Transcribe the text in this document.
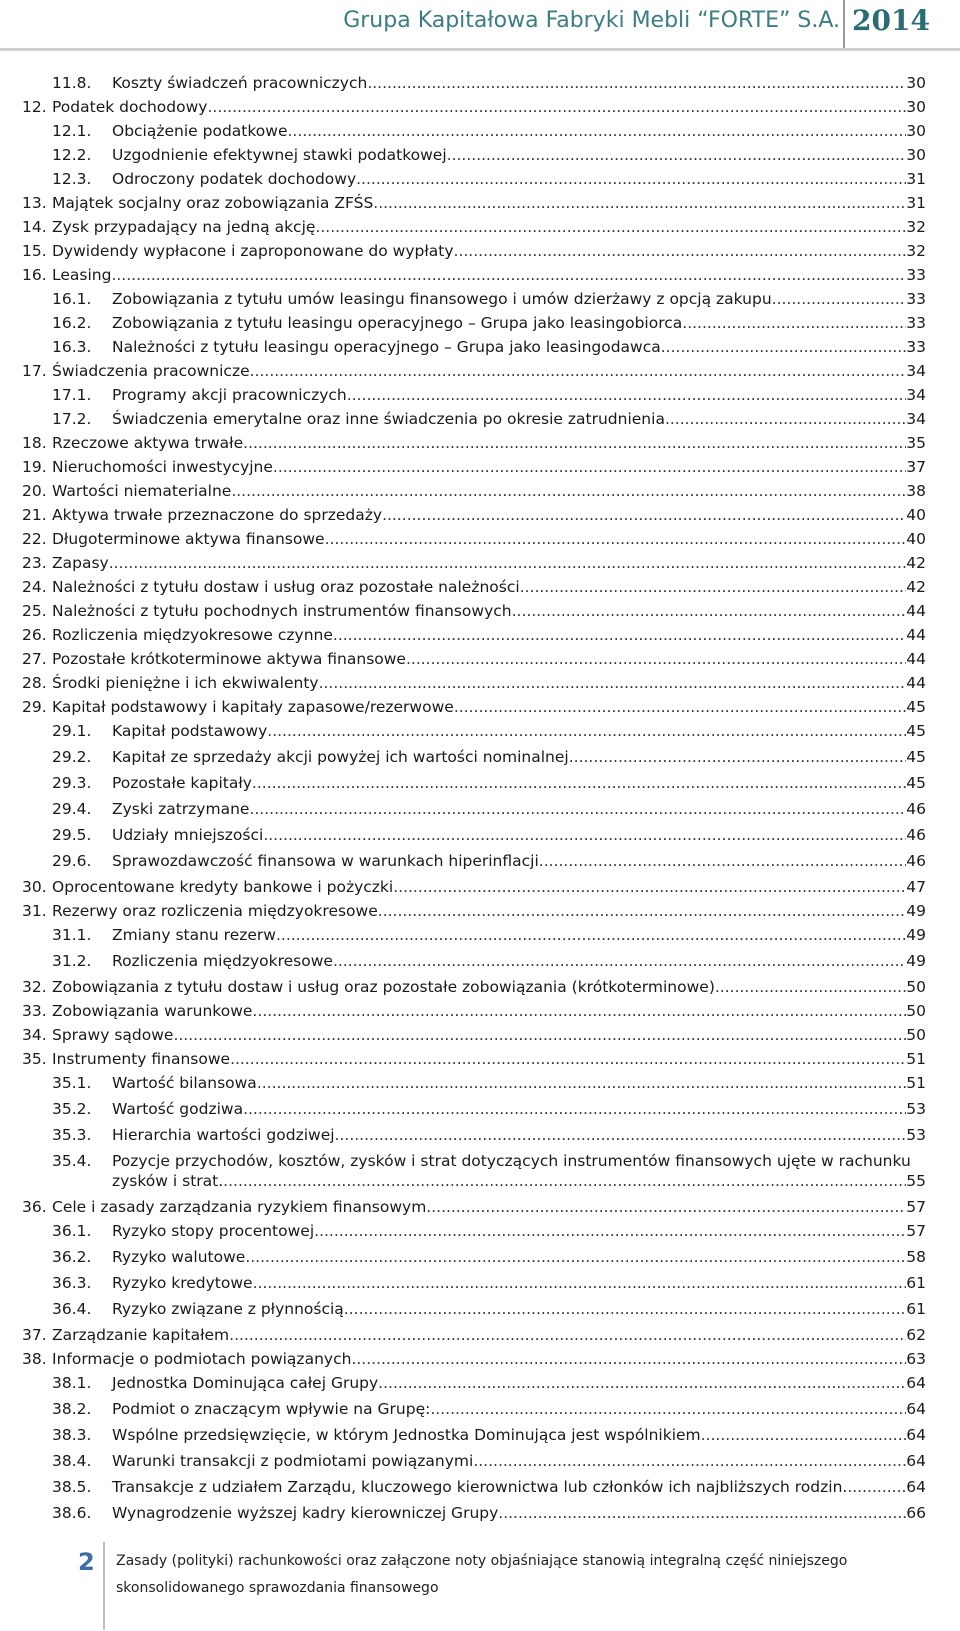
Grupa Kapitałowa Fabryki Mebli “FORTE” S.A. 2014
11.8. Koszty świadczeń pracowniczych .....	30
12. Podatek dochodowy .....	30
12.1. Obciążenie podatkowe .....	30
12.2. Uzgodnienie efektywnej stawki podatkowej .....	30
12.3. Odroczony podatek dochodowy .....	31
13. Majątek socjalny oraz zobowiązania ZFŚS .....	31
14. Zysk przypadający na jedną akcję .....	32
15. Dywidendy wypłacone i zaproponowane do wypłaty .....	32
16. Leasing .....	33
16.1. Zobowiązania z tytułu umów leasingu finansowego i umów dzierżawy z opcją zakupu .....	33
16.2. Zobowiązania z tytułu leasingu operacyjnego – Grupa jako leasingobiorca .....	33
16.3. Należności z tytułu leasingu operacyjnego – Grupa jako leasingodawca .....	33
17. Świadczenia pracownicze .....	34
17.1. Programy akcji pracowniczych .....	34
17.2. Świadczenia emerytalne oraz inne świadczenia po okresie zatrudnienia .....	34
18. Rzeczowe aktywa trwałe .....	35
19. Nieruchomości inwestycyjne .....	37
20. Wartości niematerialne .....	38
21. Aktywa trwałe przeznaczone do sprzedaży .....	40
22. Długoterminowe aktywa finansowe .....	40
23. Zapasy .....	42
24. Należności z tytułu dostaw i usług oraz pozostałe należności .....	42
25. Należności z tytułu pochodnych instrumentów finansowych .....	44
26. Rozliczenia międzyokresowe czynne .....	44
27. Pozostałe krótkoterminowe aktywa finansowe .....	44
28. Środki pieniężne i ich ekwiwalenty .....	44
29. Kapitał podstawowy i kapitały zapasowe/rezerwowe .....	45
29.1. Kapitał podstawowy .....	45
29.2. Kapitał ze sprzedaży akcji powyżej ich wartości nominalnej .....	45
29.3. Pozostałe kapitały .....	45
29.4. Zyski zatrzymane .....	46
29.5. Udziały mniejszości .....	46
29.6. Sprawozdawczość finansowa w warunkach hiperinflacji .....	46
30. Oprocentowane kredyty bankowe i pożyczki .....	47
31. Rezerwy oraz rozliczenia międzyokresowe .....	49
31.1. Zmiany stanu rezerw .....	49
31.2. Rozliczenia międzyokresowe .....	49
32. Zobowiązania z tytułu dostaw i usług oraz pozostałe zobowiązania (krótkoterminowe) .....	50
33. Zobowiązania warunkowe .....	50
34. Sprawy sądowe .....	50
35. Instrumenty finansowe .....	51
35.1. Wartość bilansowa .....	51
35.2. Wartość godziwa .....	53
35.3. Hierarchia wartości godziwej .....	53
35.4. Pozycje przychodów, kosztów, zysków i strat dotyczących instrumentów finansowych ujęte w rachunku
zysków i strat. .....	55
36. Cele i zasady zarządzania ryzykiem finansowym .....	57
36.1. Ryzyko stopy procentowej .....	57
36.2. Ryzyko walutowe .....	58
36.3. Ryzyko kredytowe .....	61
36.4. Ryzyko związane z płynnością .....	61
37. Zarządzanie kapitałem .....	62
38. Informacje o podmiotach powiązanych .....	63
38.1. Jednostka Dominująca całej Grupy .....	64
38.2. Podmiot o znaczącym wpływie na Grupę: .....	64
38.3. Wspólne przedsięwzięcie, w którym Jednostka Dominująca jest wspólnikiem .....	64
38.4. Warunki transakcji z podmiotami powiązanymi .....	64
38.5. Transakcje z udziałem Zarządu, kluczowego kierownictwa lub członków ich najbliższych rodzin. .....	64
38.6. Wynagrodzenie wyższej kadry kierowniczej Grupy .....	66
2 Zasady (polityki) rachunkowości oraz załączone noty objaśniające stanowią integralną część niniejszego skonsolidowanego sprawozdania finansowego
